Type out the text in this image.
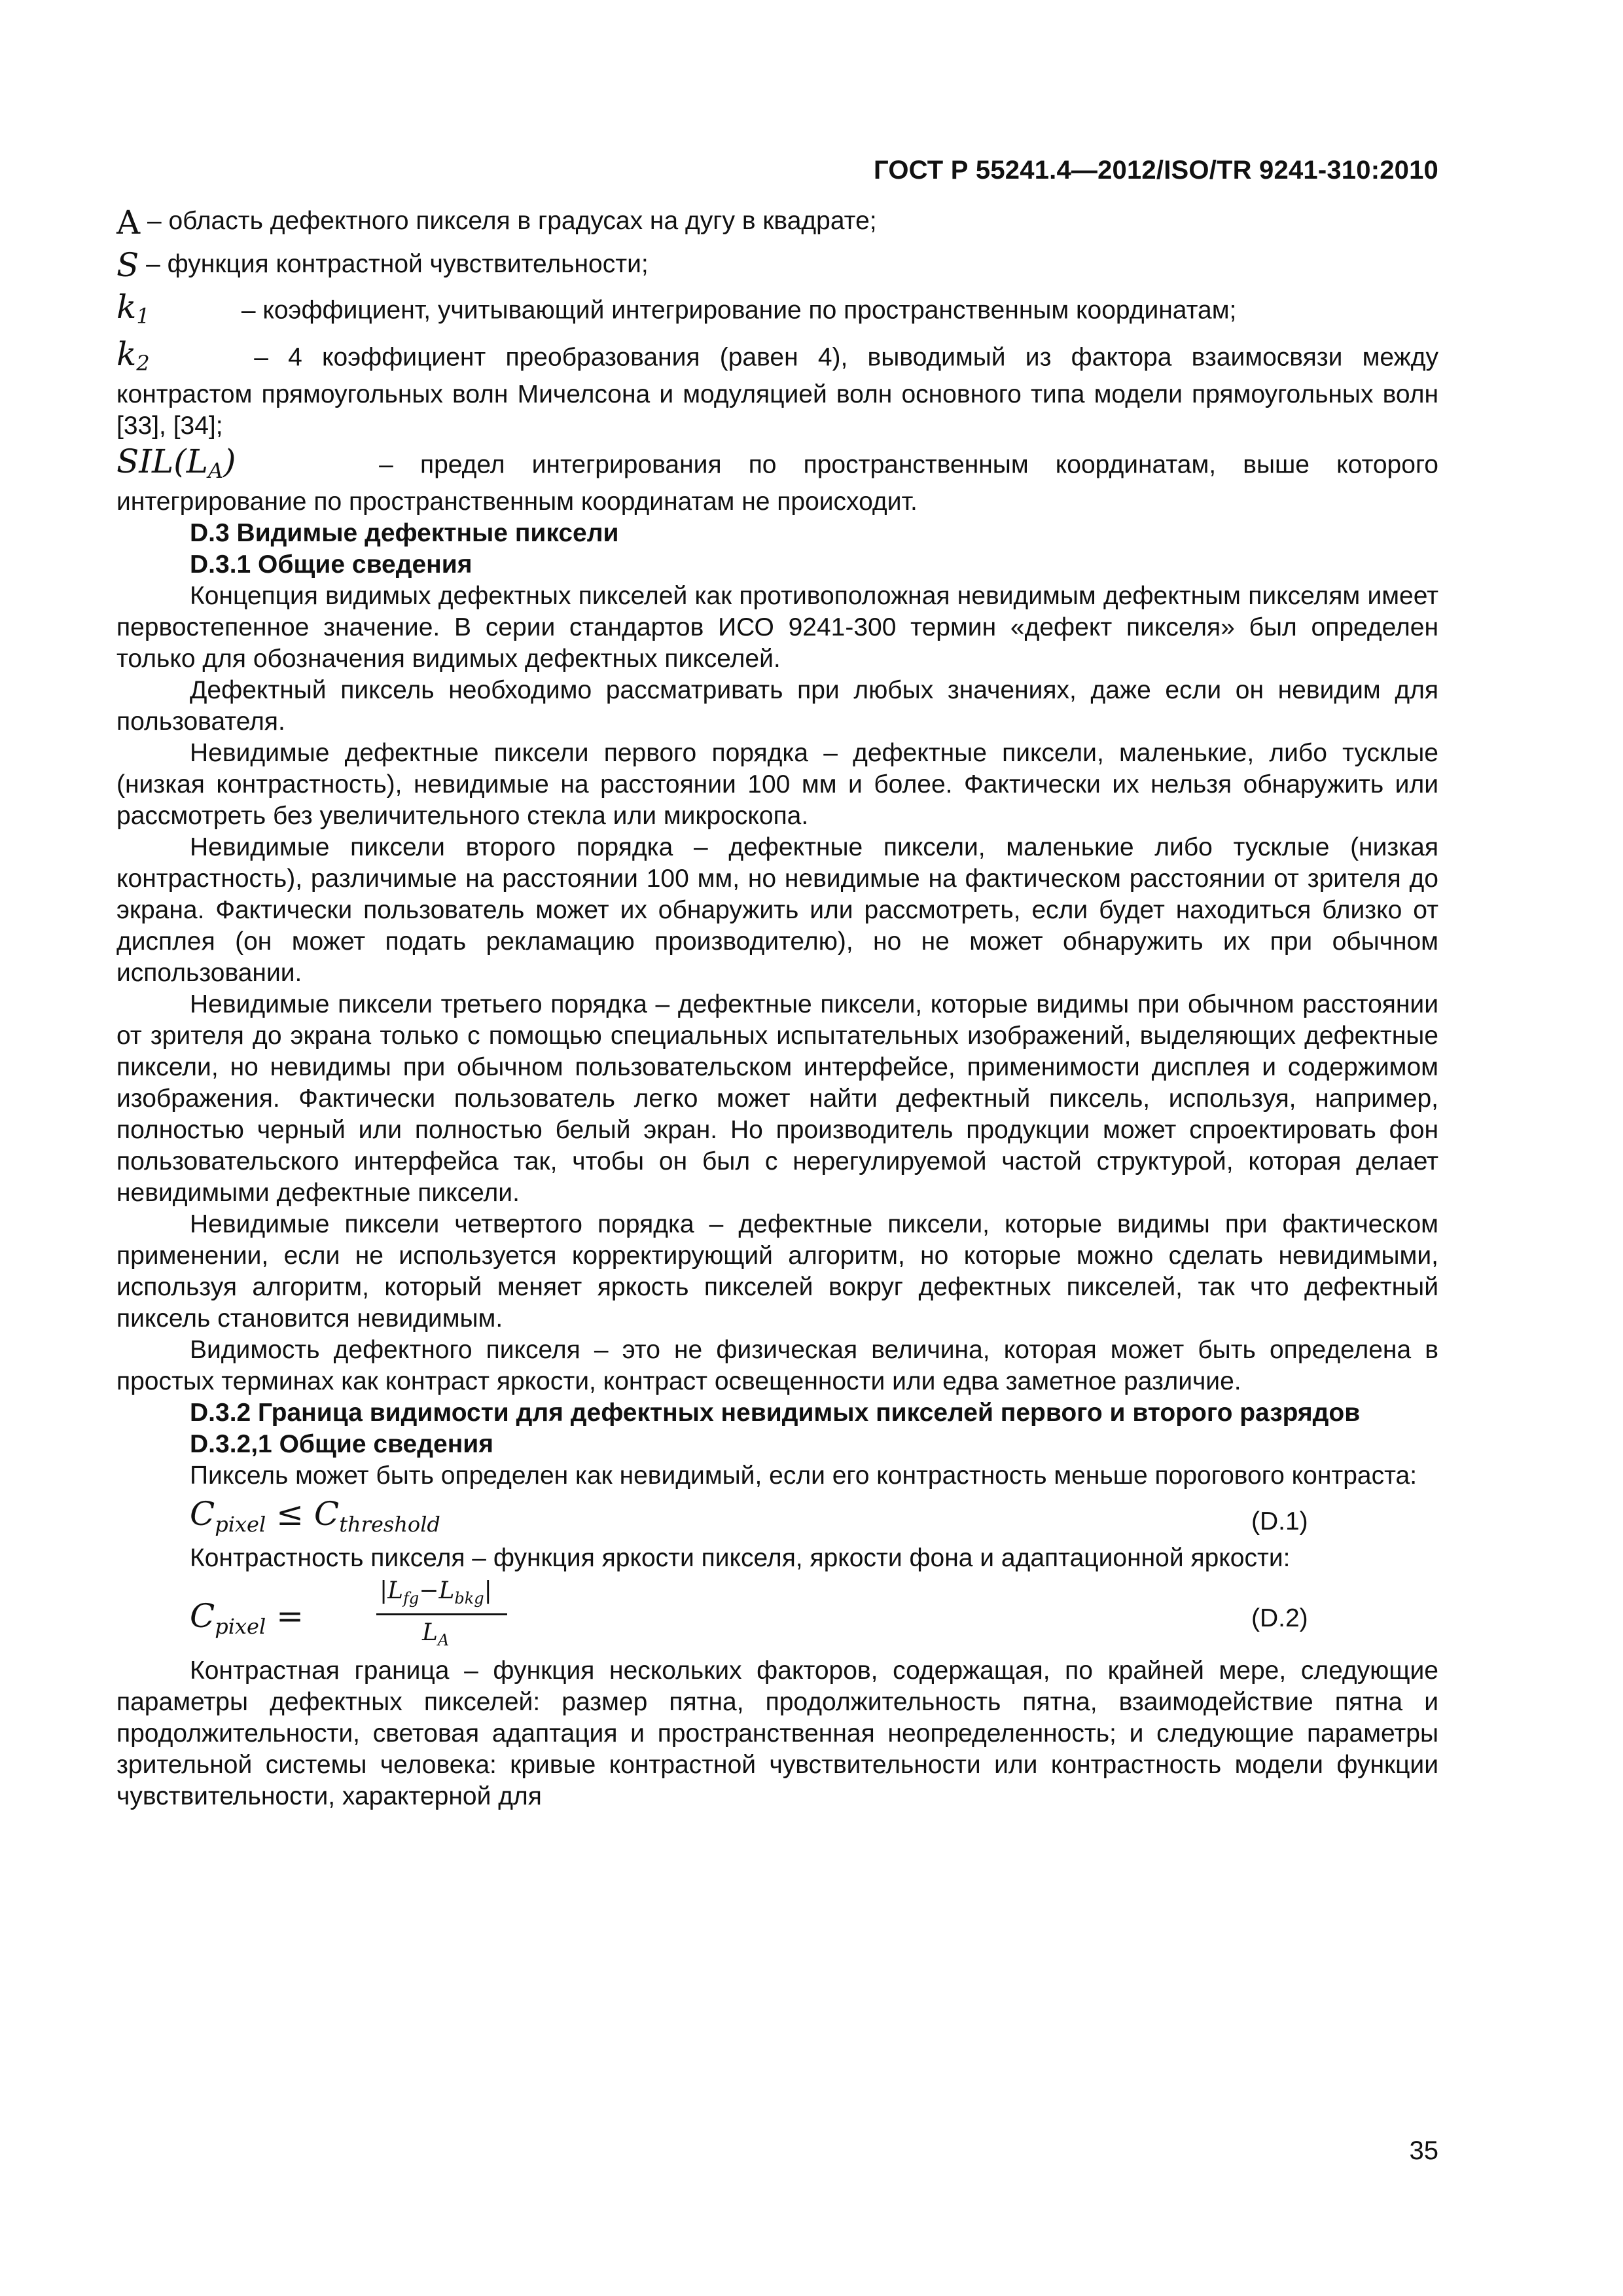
ГОСТ Р 55241.4—2012/ISO/TR 9241-310:2010

A – область дефектного пикселя в градусах на дугу в квадрате;

S – функция контрастной чувствительности;

$k_1$	– коэффициент, учитывающий интегрирование по пространственным координатам;

$k_2$	– 4 коэффициент преобразования (равен 4), выводимый из фактора взаимосвязи между контрастом прямоугольных волн Мичелсона и модуляцией волн основного типа модели прямоугольных волн [33], [34];

$SIL(L_A)$	– предел интегрирования по пространственным координатам, выше которого интегрирование по пространственным координатам не происходит.

D.3 Видимые дефектные пиксели

D.3.1 Общие сведения

Концепция видимых дефектных пикселей как противоположная невидимым дефектным пикселям имеет первостепенное значение. В серии стандартов ИСО 9241-300 термин «дефект пикселя» был определен только для обозначения видимых дефектных пикселей.

Дефектный пиксель необходимо рассматривать при любых значениях, даже если он невидим для пользователя.

Невидимые дефектные пиксели первого порядка – дефектные пиксели, маленькие, либо тусклые (низкая контрастность), невидимые на расстоянии 100 мм и более. Фактически их нельзя обнаружить или рассмотреть без увеличительного стекла или микроскопа.

Невидимые пиксели второго порядка – дефектные пиксели, маленькие либо тусклые (низкая контрастность), различимые на расстоянии 100 мм, но невидимые на фактическом расстоянии от зрителя до экрана. Фактически пользователь может их обнаружить или рассмотреть, если будет находиться близко от дисплея (он может подать рекламацию производителю), но не может обнаружить их при обычном использовании.

Невидимые пиксели третьего порядка – дефектные пиксели, которые видимы при обычном расстоянии от зрителя до экрана только с помощью специальных испытательных изображений, выделяющих дефектные пиксели, но невидимы при обычном пользовательском интерфейсе, применимости дисплея и содержимом изображения. Фактически пользователь легко может найти дефектный пиксель, используя, например, полностью черный или полностью белый экран. Но производитель продукции может спроектировать фон пользовательского интерфейса так, чтобы он был с нерегулируемой частой структурой, которая делает невидимыми дефектные пиксели.

Невидимые пиксели четвертого порядка – дефектные пиксели, которые видимы при фактическом применении, если не используется корректирующий алгоритм, но которые можно сделать невидимыми, используя алгоритм, который меняет яркость пикселей вокруг дефектных пикселей, так что дефектный пиксель становится невидимым.

Видимость дефектного пикселя – это не физическая величина, которая может быть определена в простых терминах как контраст яркости, контраст освещенности или едва заметное различие.

D.3.2 Граница видимости для дефектных невидимых пикселей первого и второго разрядов

D.3.2,1 Общие сведения

Пиксель может быть определен как невидимый, если его контрастность меньше порогового контраста:

$C_{pixel} \le C_{threshold}$	(D.1)

Контрастность пикселя – функция яркости пикселя, яркости фона и адаптационной яркости:

$C_{pixel}$ =
$|L_{fg}-L_{bkg}|$
$L_A$
(D.2)

Контрастная граница – функция нескольких факторов, содержащая, по крайней мере, следующие параметры дефектных пикселей: размер пятна, продолжительность пятна, взаимодействие пятна и продолжительности, световая адаптация и пространственная неопределенность; и следующие параметры зрительной системы человека: кривые контрастной чувствительности или контрастность модели функции чувствительности, характерной для

35
